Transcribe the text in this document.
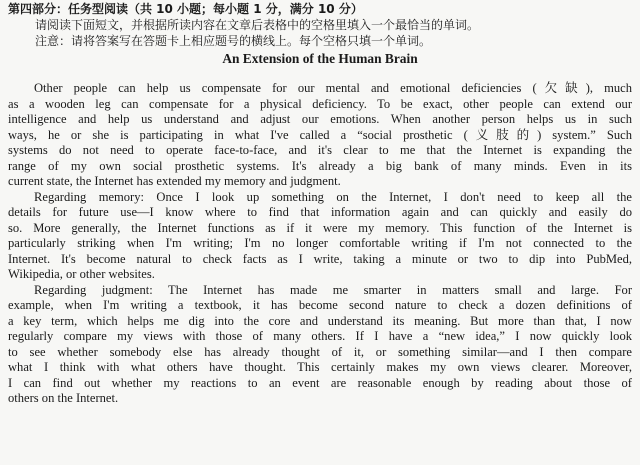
第四部分：任务型阅读（共 10 小题；每小题 1 分，满分 10 分）
请阅读下面短文，并根据所读内容在文章后表格中的空格里填入一个最恰当的单词。
注意：请将答案写在答题卡上相应题号的横线上。每个空格只填一个单词。
An Extension of the Human Brain

Other people can help us compensate for our mental and emotional deficiencies (欠缺), much
as a wooden leg can compensate for a physical deficiency. To be exact, other people can extend our
intelligence and help us understand and adjust our emotions. When another person helps us in such
ways, he or she is participating in what I've called a “social prosthetic (义肢的) system.” Such
systems do not need to operate face-to-face, and it's clear to me that the Internet is expanding the
range of my own social prosthetic systems. It's already a big bank of many minds. Even in its
current state, the Internet has extended my memory and judgment.

Regarding memory: Once I look up something on the Internet, I don't need to keep all the
details for future use—I know where to find that information again and can quickly and easily do
so. More generally, the Internet functions as if it were my memory. This function of the Internet is
particularly striking when I'm writing; I'm no longer comfortable writing if I'm not connected to the
Internet. It's become natural to check facts as I write, taking a minute or two to dip into PubMed,
Wikipedia, or other websites.

Regarding judgment: The Internet has made me smarter in matters small and large. For
example, when I'm writing a textbook, it has become second nature to check a dozen definitions of
a key term, which helps me dig into the core and understand its meaning. But more than that, I now
regularly compare my views with those of many others. If I have a “new idea,” I now quickly look
to see whether somebody else has already thought of it, or something similar—and I then compare
what I think with what others have thought. This certainly makes my own views clearer. Moreover,
I can find out whether my reactions to an event are reasonable enough by reading about those of
others on the Internet.
